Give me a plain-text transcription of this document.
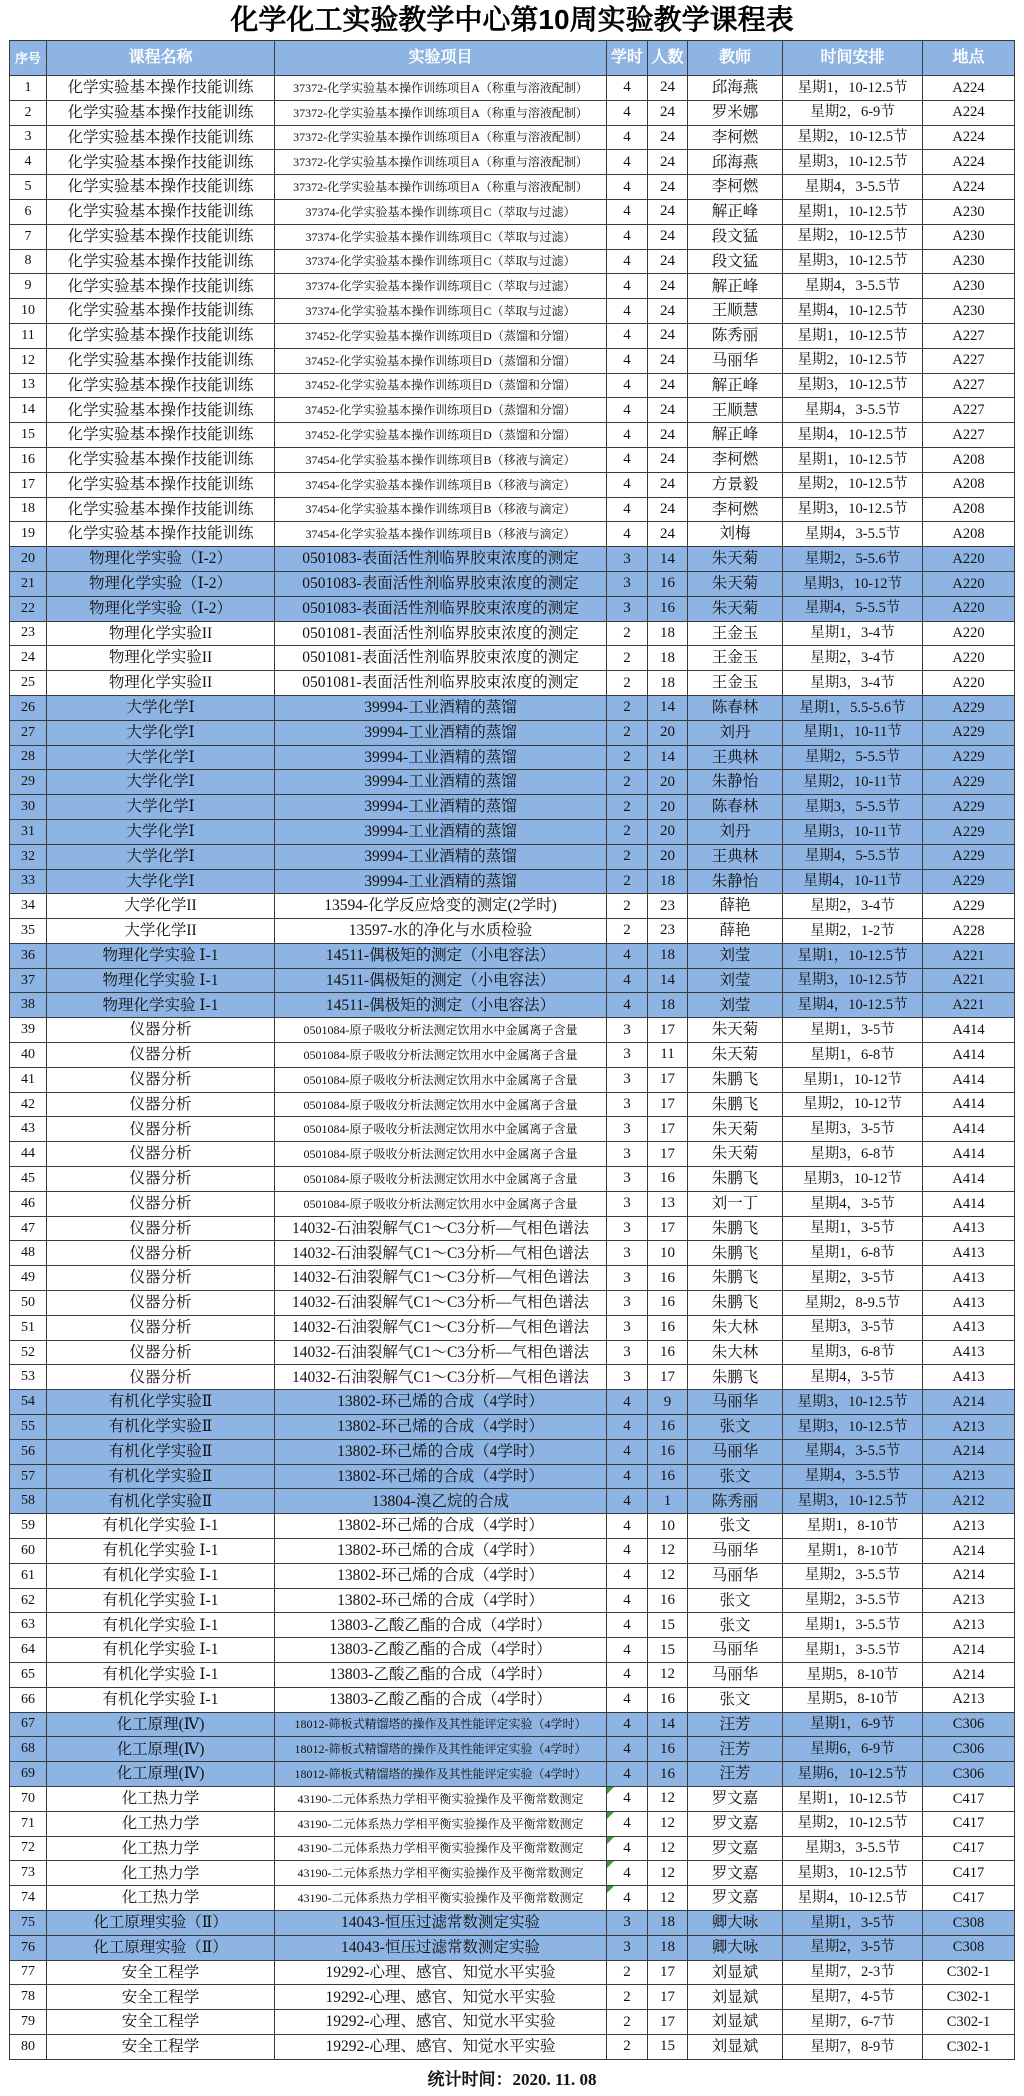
化学化工实验教学中心第10周实验教学课程表
序号	课程名称	实验项目	学时 人数	教师	时间安排	地点
1 化学实验基本操作技能训练	37372-化学实验基本操作训练项目A（称重与溶液配制） 4 24 邱海燕	星期1，10-12.5节	A224
2 化学实验基本操作技能训练	37372-化学实验基本操作训练项目A（称重与溶液配制） 4 24 罗米娜	星期2，6-9节	A224
3 化学实验基本操作技能训练	37372-化学实验基本操作训练项目A（称重与溶液配制） 4 24 李柯燃	星期2，10-12.5节	A224
4 化学实验基本操作技能训练	37372-化学实验基本操作训练项目A（称重与溶液配制） 4 24 邱海燕	星期3，10-12.5节	A224
5 化学实验基本操作技能训练	37372-化学实验基本操作训练项目A（称重与溶液配制） 4 24 李柯燃	星期4，3-5.5节	A224
6 化学实验基本操作技能训练	37374-化学实验基本操作训练项目C（萃取与过滤）	4 24 解正峰	星期1，10-12.5节	A230
7 化学实验基本操作技能训练	37374-化学实验基本操作训练项目C（萃取与过滤）	4 24 段文猛	星期2，10-12.5节	A230
8 化学实验基本操作技能训练	37374-化学实验基本操作训练项目C（萃取与过滤）	4 24 段文猛	星期3，10-12.5节	A230
9 化学实验基本操作技能训练	37374-化学实验基本操作训练项目C（萃取与过滤）	4 24 解正峰	星期4，3-5.5节	A230
10 化学实验基本操作技能训练	37374-化学实验基本操作训练项目C（萃取与过滤）	4 24 王顺慧	星期4，10-12.5节	A230
11 化学实验基本操作技能训练	37452-化学实验基本操作训练项目D（蒸馏和分馏）	4 24 陈秀丽	星期1，10-12.5节	A227
12 化学实验基本操作技能训练	37452-化学实验基本操作训练项目D（蒸馏和分馏）	4 24 马丽华	星期2，10-12.5节	A227
13 化学实验基本操作技能训练	37452-化学实验基本操作训练项目D（蒸馏和分馏）	4 24 解正峰	星期3，10-12.5节	A227
14 化学实验基本操作技能训练	37452-化学实验基本操作训练项目D（蒸馏和分馏）	4 24 王顺慧	星期4，3-5.5节	A227
15 化学实验基本操作技能训练	37452-化学实验基本操作训练项目D（蒸馏和分馏）	4 24 解正峰	星期4，10-12.5节	A227
16 化学实验基本操作技能训练	37454-化学实验基本操作训练项目B（移液与滴定）	4 24 李柯燃	星期1，10-12.5节	A208
17 化学实验基本操作技能训练	37454-化学实验基本操作训练项目B（移液与滴定）	4 24 方景毅	星期2，10-12.5节	A208
18 化学实验基本操作技能训练	37454-化学实验基本操作训练项目B（移液与滴定）	4 24 李柯燃	星期3，10-12.5节	A208
19 化学实验基本操作技能训练	37454-化学实验基本操作训练项目B（移液与滴定）	4 24	刘梅	星期4，3-5.5节	A208
20	物理化学实验（Ⅰ-2）	0501083-表面活性剂临界胶束浓度的测定	3 14 朱天菊	星期2，5-5.6节	A220
21	物理化学实验（Ⅰ-2）	0501083-表面活性剂临界胶束浓度的测定	3 16 朱天菊	星期3，10-12节	A220
22	物理化学实验（Ⅰ-2）	0501083-表面活性剂临界胶束浓度的测定	3 16 朱天菊	星期4，5-5.5节	A220
23	物理化学实验II	0501081-表面活性剂临界胶束浓度的测定	2 18 王金玉	星期1，3-4节	A220
24	物理化学实验II	0501081-表面活性剂临界胶束浓度的测定	2 18 王金玉	星期2，3-4节	A220
25	物理化学实验II	0501081-表面活性剂临界胶束浓度的测定	2 18 王金玉	星期3，3-4节	A220
26	大学化学Ⅰ	39994-工业酒精的蒸馏	2 14 陈春林	星期1，5.5-5.6节	A229
27	大学化学Ⅰ	39994-工业酒精的蒸馏	2 20	刘丹	星期1，10-11节	A229
28	大学化学Ⅰ	39994-工业酒精的蒸馏	2 14 王典林	星期2，5-5.5节	A229
29	大学化学Ⅰ	39994-工业酒精的蒸馏	2 20 朱静怡	星期2，10-11节	A229
30	大学化学Ⅰ	39994-工业酒精的蒸馏	2 20 陈春林	星期3，5-5.5节	A229
31	大学化学Ⅰ	39994-工业酒精的蒸馏	2 20	刘丹	星期3，10-11节	A229
32	大学化学Ⅰ	39994-工业酒精的蒸馏	2 20 王典林	星期4，5-5.5节	A229
33	大学化学Ⅰ	39994-工业酒精的蒸馏	2 18 朱静怡	星期4，10-11节	A229
34	大学化学II	13594-化学反应焓变的测定(2学时)	2 23	薛艳	星期2，3-4节	A229
35	大学化学II	13597-水的净化与水质检验	2 23	薛艳	星期2，1-2节	A228
36	物理化学实验 Ⅰ-1	14511-偶极矩的测定（小电容法）	4 18	刘莹	星期1，10-12.5节	A221
37	物理化学实验 Ⅰ-1	14511-偶极矩的测定（小电容法）	4 14	刘莹	星期3，10-12.5节	A221
38	物理化学实验 Ⅰ-1	14511-偶极矩的测定（小电容法）	4 18	刘莹	星期4，10-12.5节	A221
39	仪器分析	0501084-原子吸收分析法测定饮用水中金属离子含量	3 17 朱天菊	星期1，3-5节	A414
40	仪器分析	0501084-原子吸收分析法测定饮用水中金属离子含量	3 11 朱天菊	星期1，6-8节	A414
41	仪器分析	0501084-原子吸收分析法测定饮用水中金属离子含量	3 17 朱鹏飞	星期1，10-12节	A414
42	仪器分析	0501084-原子吸收分析法测定饮用水中金属离子含量	3 17 朱鹏飞	星期2，10-12节	A414
43	仪器分析	0501084-原子吸收分析法测定饮用水中金属离子含量	3 17 朱天菊	星期3，3-5节	A414
44	仪器分析	0501084-原子吸收分析法测定饮用水中金属离子含量	3 17 朱天菊	星期3，6-8节	A414
45	仪器分析	0501084-原子吸收分析法测定饮用水中金属离子含量	3 16 朱鹏飞	星期3，10-12节	A414
46	仪器分析	0501084-原子吸收分析法测定饮用水中金属离子含量	3 13 刘一丁	星期4，3-5节	A414
47	仪器分析	14032-石油裂解气C1～C3分析—气相色谱法 3 17 朱鹏飞	星期1，3-5节	A413
48	仪器分析	14032-石油裂解气C1～C3分析—气相色谱法 3 10 朱鹏飞	星期1，6-8节	A413
49	仪器分析	14032-石油裂解气C1～C3分析—气相色谱法 3 16 朱鹏飞	星期2，3-5节	A413
50	仪器分析	14032-石油裂解气C1～C3分析—气相色谱法 3 16 朱鹏飞	星期2，8-9.5节	A413
51	仪器分析	14032-石油裂解气C1～C3分析—气相色谱法 3 16 朱大林	星期3，3-5节	A413
52	仪器分析	14032-石油裂解气C1～C3分析—气相色谱法 3 16 朱大林	星期3，6-8节	A413
53	仪器分析	14032-石油裂解气C1～C3分析—气相色谱法 3 17 朱鹏飞	星期4，3-5节	A413
54	有机化学实验Ⅱ	13802-环己烯的合成（4学时）	4 9	马丽华	星期3，10-12.5节	A214
55	有机化学实验Ⅱ	13802-环己烯的合成（4学时）	4 16	张文	星期3，10-12.5节	A213
56	有机化学实验Ⅱ	13802-环己烯的合成（4学时）	4 16 马丽华	星期4，3-5.5节	A214
57	有机化学实验Ⅱ	13802-环己烯的合成（4学时）	4 16	张文	星期4，3-5.5节	A213
58	有机化学实验Ⅱ	13804-溴乙烷的合成	4 1	陈秀丽	星期3，10-12.5节	A212
59	有机化学实验 Ⅰ-1	13802-环己烯的合成（4学时）	4 10	张文	星期1，8-10节	A213
60	有机化学实验 Ⅰ-1	13802-环己烯的合成（4学时）	4 12 马丽华	星期1，8-10节	A214
61	有机化学实验 Ⅰ-1	13802-环己烯的合成（4学时）	4 12 马丽华	星期2，3-5.5节	A214
62	有机化学实验 Ⅰ-1	13802-环己烯的合成（4学时）	4 16	张文	星期2，3-5.5节	A213
63	有机化学实验 Ⅰ-1	13803-乙酸乙酯的合成（4学时）	4 15	张文	星期1，3-5.5节	A213
64	有机化学实验 Ⅰ-1	13803-乙酸乙酯的合成（4学时）	4 15 马丽华	星期1，3-5.5节	A214
65	有机化学实验 Ⅰ-1	13803-乙酸乙酯的合成（4学时）	4 12 马丽华	星期5，8-10节	A214
66	有机化学实验 Ⅰ-1	13803-乙酸乙酯的合成（4学时）	4 16	张文	星期5，8-10节	A213
67	化工原理(Ⅳ)	18012-筛板式精馏塔的操作及其性能评定实验（4学时） 4 14	汪芳	星期1，6-9节	C306
68	化工原理(Ⅳ)	18012-筛板式精馏塔的操作及其性能评定实验（4学时） 4 16	汪芳	星期6，6-9节	C306
69	化工原理(Ⅳ)	18012-筛板式精馏塔的操作及其性能评定实验（4学时） 4 16	汪芳	星期6，10-12.5节	C306
70	化工热力学	43190-二元体系热力学相平衡实验操作及平衡常数测定	4 12 罗文嘉	星期1，10-12.5节	C417
71	化工热力学	43190-二元体系热力学相平衡实验操作及平衡常数测定	4 12 罗文嘉	星期2，10-12.5节	C417
72	化工热力学	43190-二元体系热力学相平衡实验操作及平衡常数测定	4 12 罗文嘉	星期3，3-5.5节	C417
73	化工热力学	43190-二元体系热力学相平衡实验操作及平衡常数测定	4 12 罗文嘉	星期3，10-12.5节	C417
74	化工热力学	43190-二元体系热力学相平衡实验操作及平衡常数测定	4 12 罗文嘉	星期4，10-12.5节	C417
75	化工原理实验（Ⅱ）	14043-恒压过滤常数测定实验	3 18 卿大咏	星期1，3-5节	C308
76	化工原理实验（Ⅱ）	14043-恒压过滤常数测定实验	3 18 卿大咏	星期2，3-5节	C308
77	安全工程学	19292-心理、感官、知觉水平实验	2 17 刘显斌	星期7，2-3节	C302-1
78	安全工程学	19292-心理、感官、知觉水平实验	2 17 刘显斌	星期7，4-5节	C302-1
79	安全工程学	19292-心理、感官、知觉水平实验	2 17 刘显斌	星期7，6-7节	C302-1
80	安全工程学	19292-心理、感官、知觉水平实验	2 15 刘显斌	星期7，8-9节	C302-1
统计时间：2020. 11. 08
